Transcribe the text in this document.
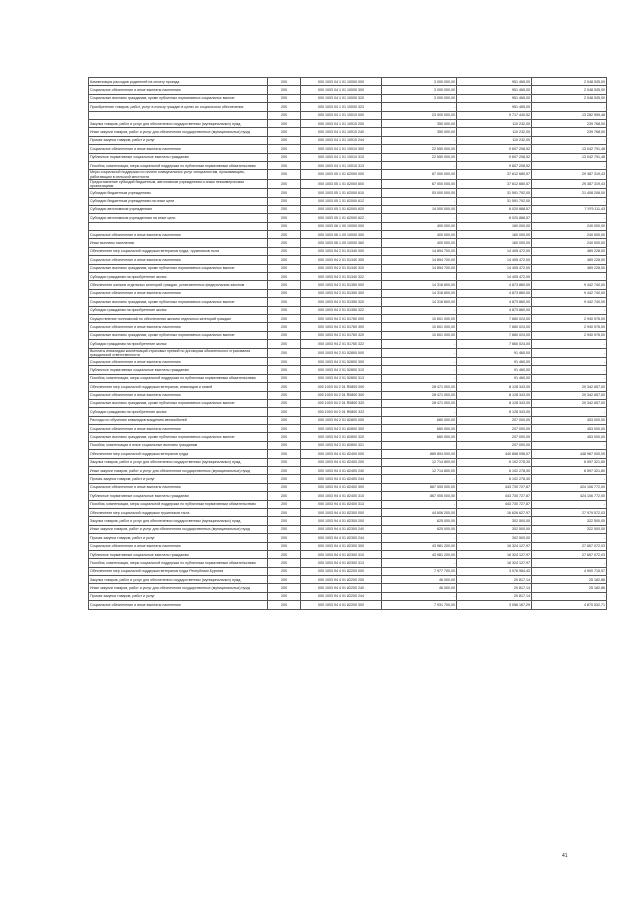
Компенсация расходов родителей на оплату проезда	200	000 1003 04 1 01 10000 000	3 000 000,00	951 465,00	2 048 535,00
Социальное обеспечение и иные выплаты населению	200	000 1003 04 1 01 10000 300	3 000 000,00	951 465,00	2 048 535,00
Социальные выплаты гражданам, кроме публичных нормативных социальных выплат	200	000 1003 04 1 01 10000 320	3 000 000,00	951 465,00	2 048 535,00
Приобретение товаров, работ, услуг в пользу граждан в целях их социального обеспечения	200	000 1003 04 1 01 10000 323	-	951 465,00	-
	200	000 1003 04 1 01 10010 000	23 000 000,00	9 717 440,52	13 282 559,48
Закупка товаров, работ и услуг для обеспечения государственных (муниципальных) нужд	200	000 1003 04 1 01 10010 200	350 000,00	110 232,00	239 768,00
Иные закупки товаров, работ и услуг для обеспечения государственных (муниципальных) нужд	200	000 1003 04 1 01 10010 240	350 000,00	110 232,00	239 768,00
Прочая закупка товаров, работ и услуг	200	000 1003 04 1 01 10010 244	-	110 232,00	-
Социальное обеспечение и иные выплаты населению	200	000 1003 04 1 01 10010 300	22 650 000,00	9 607 208,52	13 042 791,48
Публичные нормативные социальные выплаты гражданам	200	000 1003 04 1 01 10010 310	22 650 000,00	9 607 208,52	13 042 791,48
Пособия, компенсации, меры социальной поддержки по публичным нормативным обязательствам	200	000 1003 04 1 01 10010 313	-	9 607 208,52	-
Меры социальной поддержки по оплате коммунальных услуг специалистам, проживающим, работающим в сельской местности	200	000 1003 05 1 01 62000 000	67 000 000,00	37 612 680,57	29 387 319,43
Предоставление субсидий бюджетным, автономным учреждениям и иным некоммерческим организациям	200	000 1003 05 1 01 62000 600	67 000 000,00	37 612 680,57	29 387 319,43
Субсидии бюджетным учреждениям	200	000 1003 05 1 01 62000 610	53 000 000,00	31 591 792,00	21 408 208,00
Субсидии бюджетным учреждениям на иные цели	200	000 1003 05 1 01 62000 612	-	31 591 792,00	-
Субсидии автономным учреждениям	200	000 1003 05 1 01 62000 620	14 000 000,00	6 020 888,57	7 979 111,43
Субсидии автономным учреждениям на иные цели	200	000 1003 05 1 01 62000 622	-	6 020 888,57	-
	200	000 1003 06 1 00 10000 000	400 000,00	160 000,00	240 000,00
Социальное обеспечение и иные выплаты населению	200	000 1003 06 1 00 10000 300	400 000,00	160 000,00	240 000,00
Иные выплаты населению	200	000 1003 06 1 00 10000 360	400 000,00	160 000,00	240 000,00
Обеспечение мер социальной поддержки ветеранов труда, тружеников тыла	200	000 1003 94 2 01 51340 000	14 894 700,00	14 405 472,00	489 228,00
Социальное обеспечение и иные выплаты населению	200	000 1003 94 2 01 51340 300	14 894 700,00	14 405 472,00	489 228,00
Социальные выплаты гражданам, кроме публичных нормативных социальных выплат	200	000 1003 94 2 01 51340 320	14 894 700,00	14 405 472,00	489 228,00
Субсидии гражданам на приобретение жилья	200	000 1003 94 2 01 51340 322	-	14 405 472,00	-
Обеспечение жильем отдельных категорий граждан, установленных федеральным законом	200	000 1003 94 2 01 51350 000	14 316 600,00	4 873 860,00	9 442 740,00
Социальное обеспечение и иные выплаты населению	200	000 1003 94 2 01 51350 300	14 316 600,00	4 873 860,00	9 442 740,00
Социальные выплаты гражданам, кроме публичных нормативных социальных выплат	200	000 1003 94 2 01 51350 320	14 316 600,00	4 873 860,00	9 442 740,00
Субсидии гражданам на приобретение жилья	200	000 1003 94 2 01 51350 322	-	4 873 860,00	-
Осуществление полномочий по обеспечению жильем отдельных категорий граждан	200	000 1003 94 2 01 51760 000	10 601 000,00	7 660 024,00	2 940 976,00
Социальное обеспечение и иные выплаты населению	200	000 1003 94 2 01 51760 300	10 601 000,00	7 660 024,00	2 940 976,00
Социальные выплаты гражданам, кроме публичных нормативных социальных выплат	200	000 1003 94 2 01 51760 320	10 601 000,00	7 660 024,00	2 940 976,00
Субсидии гражданам на приобретение жилья	200	000 1003 94 2 01 51760 322	-	7 660 024,00	-
Выплаты инвалидам компенсаций страховых премий по договорам обязательного страхования гражданской ответственности	200	000 1003 94 2 01 52800 000	-	91 460,00	-
Социальное обеспечение и иные выплаты населению	200	000 1003 94 2 01 52800 300	-	91 460,00	-
Публичные нормативные социальные выплаты гражданам	200	000 1003 94 2 01 52800 310	-	91 460,00	-
Пособия, компенсации, меры социальной поддержки по публичным нормативным обязательствам	200	000 1003 94 2 01 52800 313	-	91 460,00	-
Обеспечение мер социальной поддержки ветеранов, инвалидов и семей	200	000 1003 94 2 01 R0800 000	28 471 000,00	8 128 343,00	20 342 657,00
Социальное обеспечение и иные выплаты населению	200	000 1003 94 2 01 R0800 300	28 471 000,00	8 128 343,00	20 342 657,00
Социальные выплаты гражданам, кроме публичных нормативных социальных выплат	200	000 1003 94 2 01 R0800 320	28 471 000,00	8 128 343,00	20 342 657,00
Субсидии гражданам на приобретение жилья	200	000 1003 94 2 01 R0800 322	-	8 128 343,00	-
Расходы по обучению инвалидов вождению автомобилей	200	000 1003 94 2 01 82800 000	660 000,00	207 000,00	453 000,00
Социальное обеспечение и иные выплаты населению	200	000 1003 94 2 01 82800 300	660 000,00	207 000,00	453 000,00
Социальные выплаты гражданам, кроме публичных нормативных социальных выплат	200	000 1003 94 2 01 82800 320	660 000,00	207 000,00	453 000,00
Пособия, компенсации и иные социальные выплаты гражданам	200	000 1003 94 2 01 82800 321	-	207 000,00	-
Обеспечение мер социальной поддержки ветеранов труда	200	000 1003 94 4 01 82400 000	889 894 000,00	440 858 096,07	448 967 000,00
Закупка товаров, работ и услуг для обеспечения государственных (муниципальных) нужд	200	000 1003 94 4 01 82400 200	12 714 800,00	6 102 278,30	6 597 321,80
Иные закупки товаров, работ и услуг для обеспечения государственных (муниципальных) нужд	200	000 1003 94 4 01 82400 240	12 714 800,00	6 102 278,30	6 597 321,80
Прочая закупка товаров, работ и услуг	200	000 1003 94 4 01 82400 244	-	6 102 278,30	-
Социальное обеспечение и иные выплаты населению	200	000 1003 94 4 01 82400 300	867 005 000,00	443 730 727,87	424 106 772,00
Публичные нормативные социальные выплаты гражданам	200	000 1003 94 4 01 82400 310	867 005 000,00	443 730 727,87	424 106 772,00
Пособия, компенсации, меры социальной поддержки по публичным нормативным обязательствам	200	000 1003 94 4 01 82400 313	-	443 730 727,87	-
Обеспечение мер социальной поддержки тружеников тыла	200	000 1003 94 4 01 82300 000	44 606 200,00	16 626 627,97	27 979 572,03
Закупка товаров, работ и услуг для обеспечения государственных (муниципальных) нужд	200	000 1003 94 4 01 82300 200	625 000,00	302 500,00	322 500,00
Иные закупки товаров, работ и услуг для обеспечения государственных (муниципальных) нужд	200	000 1003 94 4 01 82300 240	625 000,00	302 500,00	322 500,00
Прочая закупка товаров, работ и услуг	200	000 1003 94 4 01 82300 244	-	302 500,00	-
Социальное обеспечение и иные выплаты населению	200	000 1003 94 4 01 82300 300	43 981 200,00	16 324 127,97	27 657 072,03
Публичные нормативные социальные выплаты гражданам	200	000 1003 94 4 01 82300 310	43 981 200,00	16 324 127,97	27 657 072,03
Пособия, компенсации, меры социальной поддержки по публичным нормативным обязательствам	200	000 1003 94 4 01 82300 313	-	16 324 127,97	-
Обеспечение мер социальной поддержки ветеранов труда Республики Бурятия	200	000 1003 94 4 01 82200 000	7 977 700,00	3 076 984,43	4 900 715,57
Закупка товаров, работ и услуг для обеспечения государственных (муниципальных) нужд	200	000 1003 94 4 01 82200 200	46 000,00	20 817,14	25 182,86
Иные закупки товаров, работ и услуг для обеспечения государственных (муниципальных) нужд	200	000 1003 94 4 01 82200 240	46 000,00	20 817,14	25 182,86
Прочая закупка товаров, работ и услуг	200	000 1003 94 4 01 82200 244	-	20 817,14	-
Социальное обеспечение и иные выплаты населению	200	000 1003 94 4 01 82200 300	7 931 700,00	3 056 167,29	4 875 532,71
41
